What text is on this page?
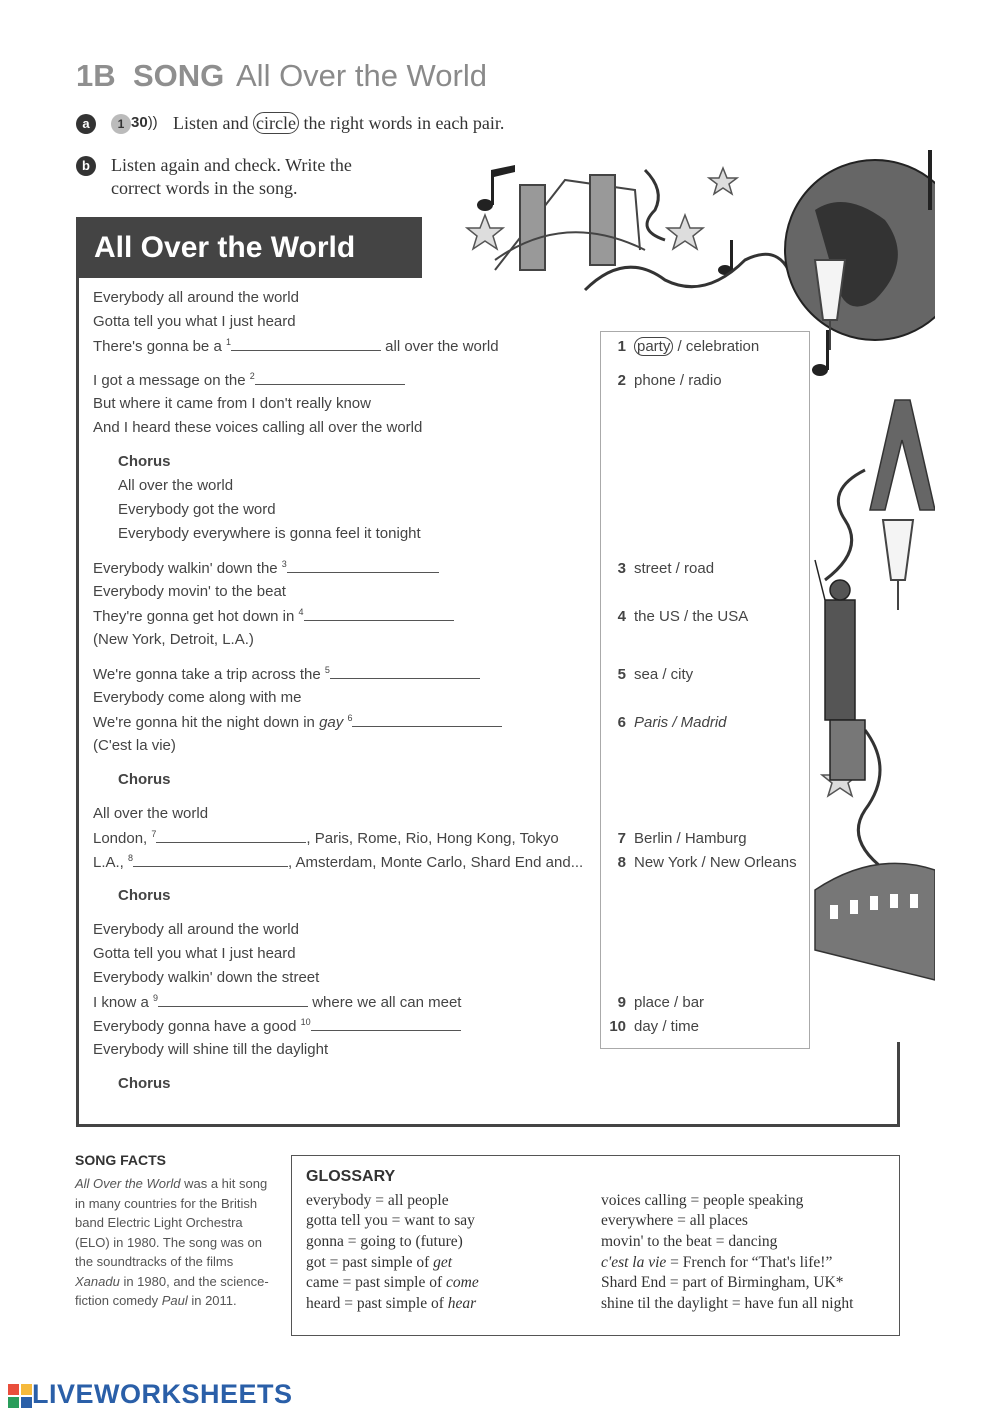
1B SONG All Over the World
a	1 30)) Listen and circle the right words in each pair.
b	Listen again and check. Write the
correct words in the song.
All Over the World
Everybody all around the world
Gotta tell you what I just heard
There's gonna be a $^1$	all over the world
I got a message on the $^2$
But where it came from I don't really know
And I heard these voices calling all over the world
Chorus
All over the world
Everybody got the word
Everybody everywhere is gonna feel it tonight
Everybody walkin' down the $^3$
Everybody movin' to the beat
They're gonna get hot down in $^4$
(New York, Detroit, L.A.)
We're gonna take a trip across the $^5$
Everybody come along with me
We're gonna hit the night down in gay $^6$
(C'est la vie)
Chorus
All over the world
London, $^7$	, Paris, Rome, Rio, Hong Kong, Tokyo
L.A., $^8$	, Amsterdam, Monte Carlo, Shard End and...
Chorus
Everybody all around the world
Gotta tell you what I just heard
Everybody walkin' down the street
I know a $^9$	where we all can meet
Everybody gonna have a good $^{10}$
Everybody will shine till the daylight
Chorus
1 party / celebration
2 phone / radio
3 street / road
4 the US / the USA
5 sea / city
6 Paris / Madrid
7 Berlin / Hamburg
8 New York / New Orleans
9 place / bar
10 day / time
SONG FACTS
All Over the World was a hit song in many countries for the British band Electric Light Orchestra (ELO) in 1980. The song was on the soundtracks of the films Xanadu in 1980, and the science-fiction comedy Paul in 2011.
GLOSSARY
everybody = all people
gotta tell you = want to say
gonna = going to (future)
got = past simple of get
came = past simple of come
heard = past simple of hear
voices calling = people speaking
everywhere = all places
movin' to the beat = dancing
c'est la vie = French for “That's life!”
Shard End = part of Birmingham, UK*
shine til the daylight = have fun all night
LIVEWORKSHEETS
